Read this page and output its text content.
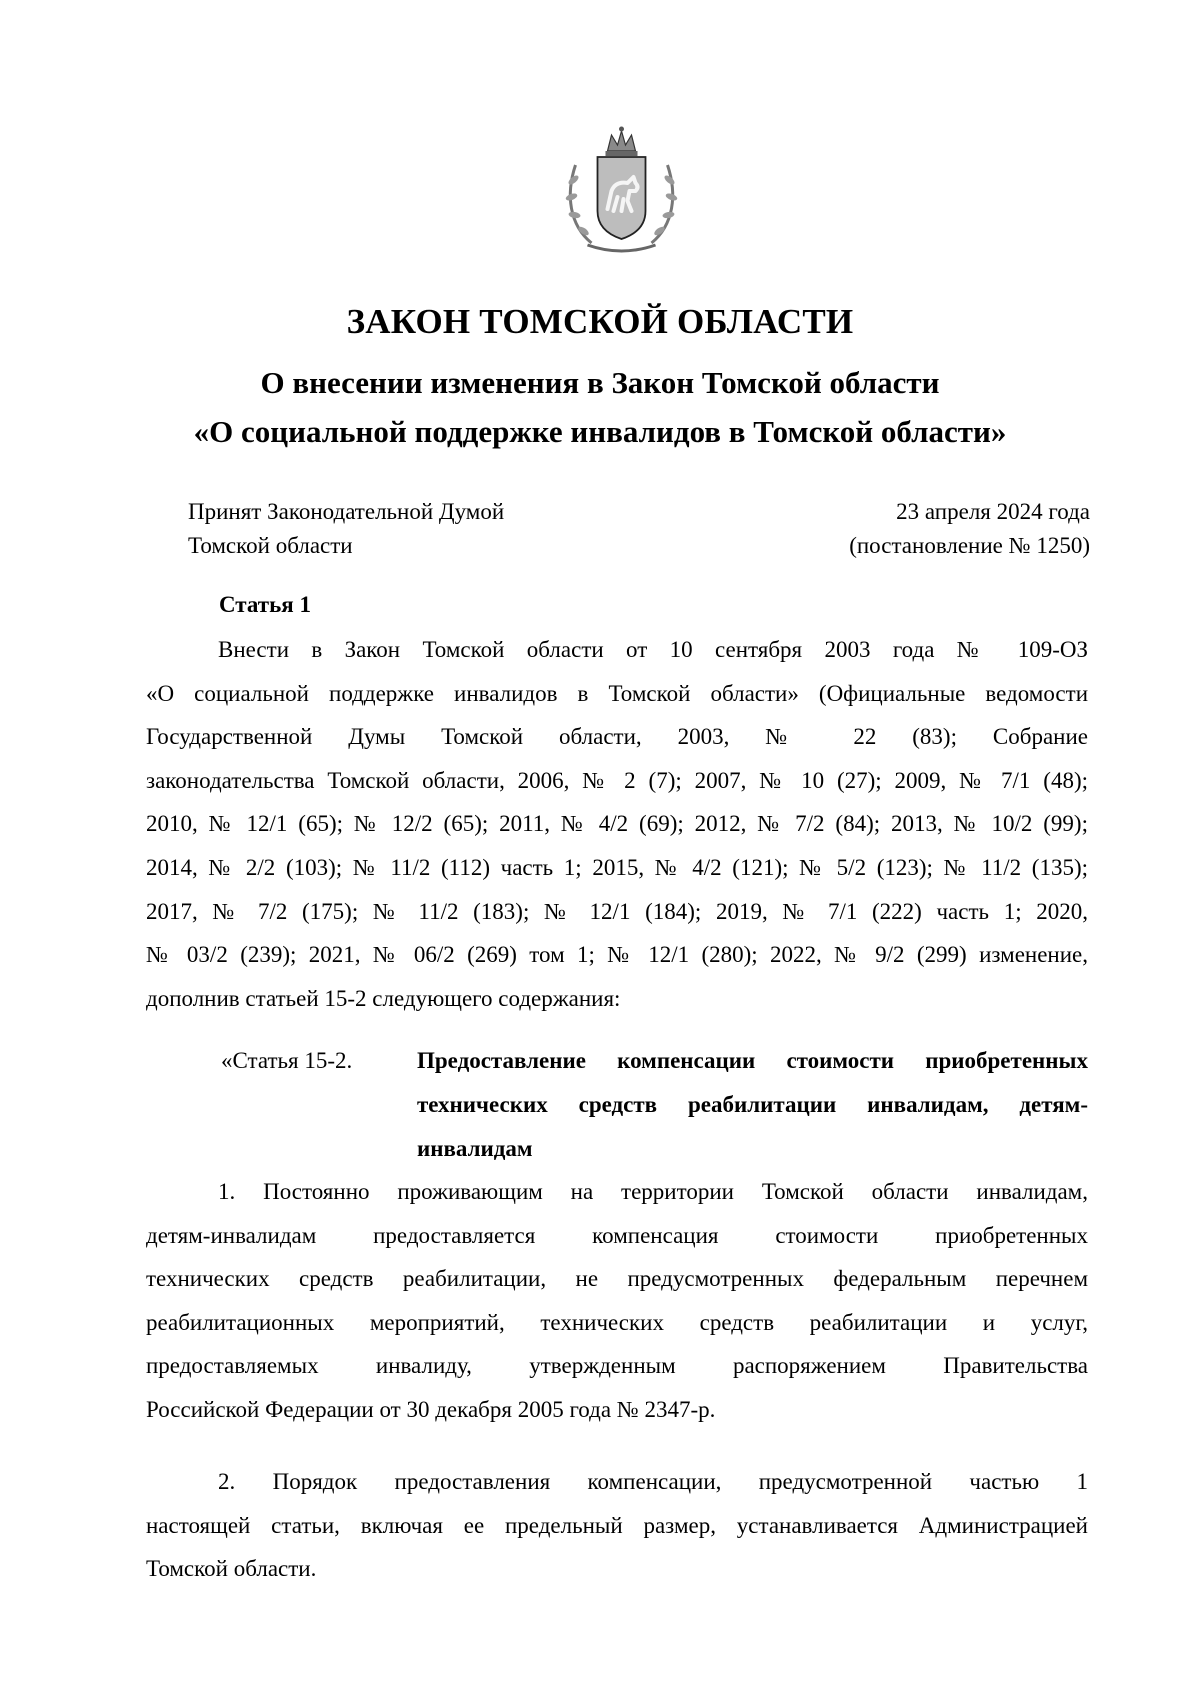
ЗАКОН ТОМСКОЙ ОБЛАСТИ
О внесении изменения в Закон Томской области
«О социальной поддержке инвалидов в Томской области»
Принят Законодательной Думой
Томской области
23 апреля 2024 года
(постановление № 1250)
Статья 1
Внести в Закон Томской области от 10 сентября 2003 года № 109-ОЗ
«О социальной поддержке инвалидов в Томской области» (Официальные ведомости
Государственной Думы Томской области, 2003, № 22 (83); Собрание
законодательства Томской области, 2006, № 2 (7); 2007, № 10 (27); 2009, № 7/1 (48);
2010, № 12/1 (65); № 12/2 (65); 2011, № 4/2 (69); 2012, № 7/2 (84); 2013, № 10/2 (99);
2014, № 2/2 (103); № 11/2 (112) часть 1; 2015, № 4/2 (121); № 5/2 (123); № 11/2 (135);
2017, № 7/2 (175); № 11/2 (183); № 12/1 (184); 2019, № 7/1 (222) часть 1; 2020,
№ 03/2 (239); 2021, № 06/2 (269) том 1; № 12/1 (280); 2022, № 9/2 (299) изменение,
дополнив статьей 15-2 следующего содержания:
«Статья 15-2.	Предоставление компенсации стоимости приобретенных
технических средств реабилитации инвалидам, детям-
инвалидам
1. Постоянно проживающим на территории Томской области инвалидам,
детям-инвалидам предоставляется компенсация стоимости приобретенных
технических средств реабилитации, не предусмотренных федеральным перечнем
реабилитационных мероприятий, технических средств реабилитации и услуг,
предоставляемых инвалиду, утвержденным распоряжением Правительства
Российской Федерации от 30 декабря 2005 года № 2347-р.
2. Порядок предоставления компенсации, предусмотренной частью 1
настоящей статьи, включая ее предельный размер, устанавливается Администрацией
Томской области.
